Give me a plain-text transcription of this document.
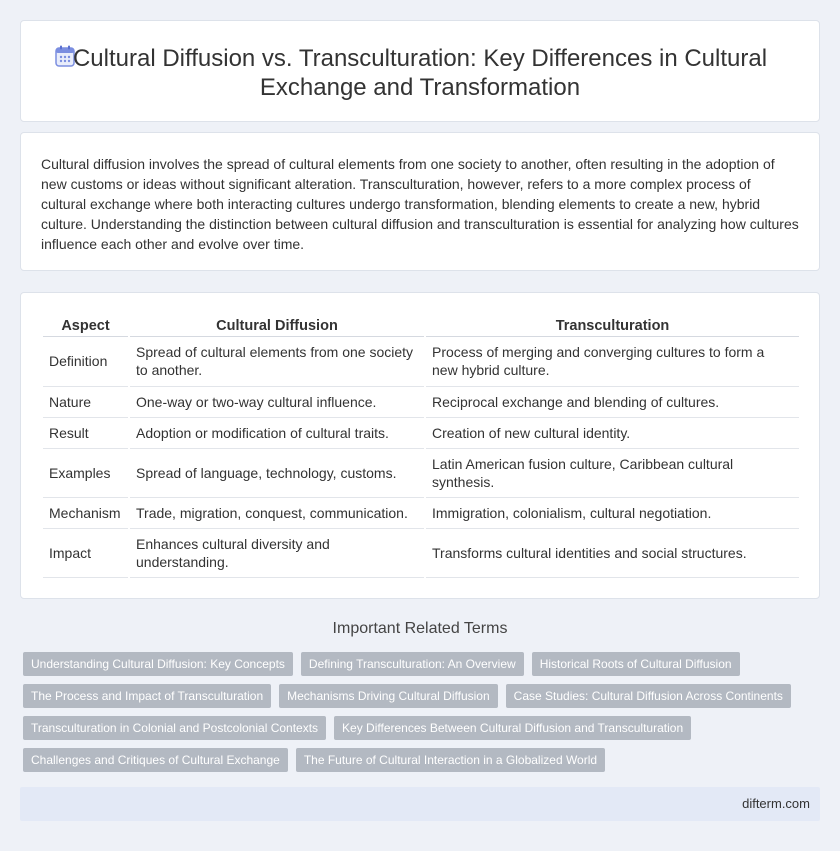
Cultural Diffusion vs. Transculturation: Key Differences in Cultural Exchange and Transformation

Cultural diffusion involves the spread of cultural elements from one society to another, often resulting in the adoption of new customs or ideas without significant alteration. Transculturation, however, refers to a more complex process of cultural exchange where both interacting cultures undergo transformation, blending elements to create a new, hybrid culture. Understanding the distinction between cultural diffusion and transculturation is essential for analyzing how cultures influence each other and evolve over time.

Aspect	Cultural Diffusion	Transculturation
Definition	Spread of cultural elements from one society to another.	Process of merging and converging cultures to form a new hybrid culture.
Nature	One-way or two-way cultural influence.	Reciprocal exchange and blending of cultures.
Result	Adoption or modification of cultural traits.	Creation of new cultural identity.
Examples	Spread of language, technology, customs.	Latin American fusion culture, Caribbean cultural synthesis.
Mechanism	Trade, migration, conquest, communication.	Immigration, colonialism, cultural negotiation.
Impact	Enhances cultural diversity and understanding.	Transforms cultural identities and social structures.
Important Related Terms
Understanding Cultural Diffusion: Key Concepts	Defining Transculturation: An Overview	Historical Roots of Cultural Diffusion
The Process and Impact of Transculturation	Mechanisms Driving Cultural Diffusion	Case Studies: Cultural Diffusion Across Continents
Transculturation in Colonial and Postcolonial Contexts	Key Differences Between Cultural Diffusion and Transculturation
Challenges and Critiques of Cultural Exchange	The Future of Cultural Interaction in a Globalized World
difterm.com
